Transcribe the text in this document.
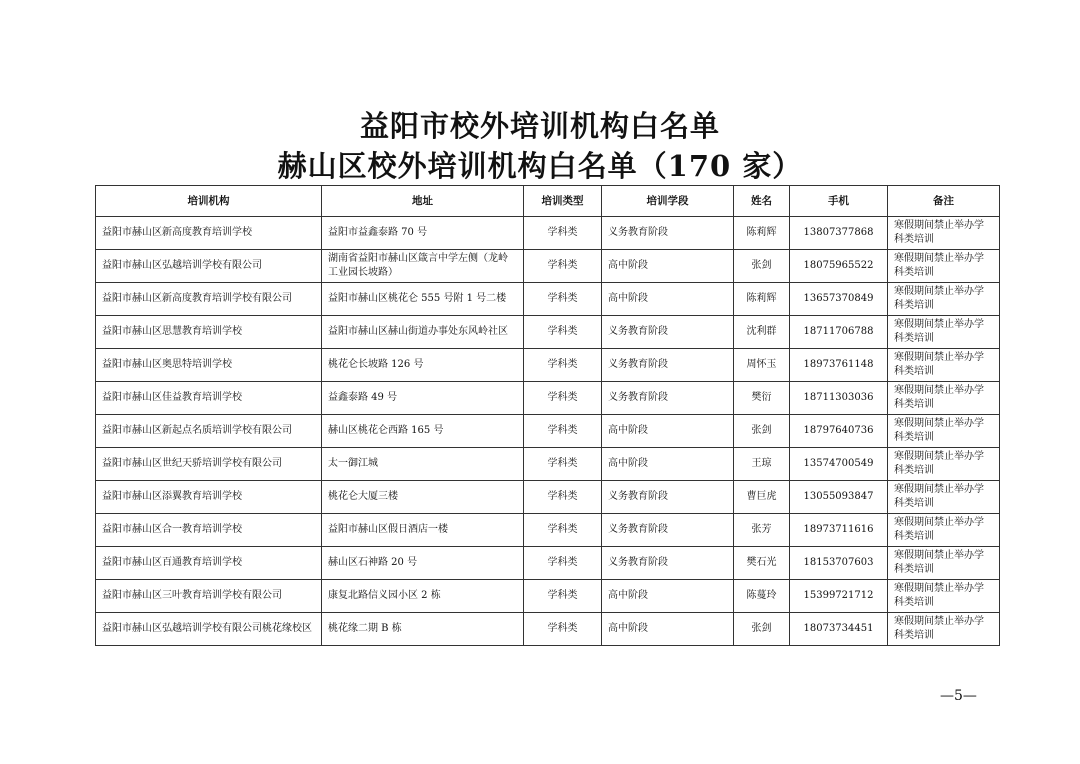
益阳市校外培训机构白名单
赫山区校外培训机构白名单（170 家）
培训机构	地址	培训类型	培训学段	姓名	手机	备注
益阳市赫山区新高度教育培训学校	益阳市益鑫泰路 70 号	学科类	义务教育阶段	陈莉辉	13807377868	寒假期间禁止举办学科类培训
益阳市赫山区弘越培训学校有限公司	湖南省益阳市赫山区箴言中学左侧（龙岭工业园长坡路）	学科类	高中阶段	张剑	18075965522	寒假期间禁止举办学科类培训
益阳市赫山区新高度教育培训学校有限公司	益阳市赫山区桃花仑 555 号附 1 号二楼	学科类	高中阶段	陈莉辉	13657370849	寒假期间禁止举办学科类培训
益阳市赫山区思慧教育培训学校	益阳市赫山区赫山街道办事处东风岭社区	学科类	义务教育阶段	沈利群	18711706788	寒假期间禁止举办学科类培训
益阳市赫山区奥思特培训学校	桃花仑长坡路 126 号	学科类	义务教育阶段	周怀玉	18973761148	寒假期间禁止举办学科类培训
益阳市赫山区佳益教育培训学校	益鑫泰路 49 号	学科类	义务教育阶段	樊衍	18711303036	寒假期间禁止举办学科类培训
益阳市赫山区新起点名质培训学校有限公司	赫山区桃花仑西路 165 号	学科类	高中阶段	张剑	18797640736	寒假期间禁止举办学科类培训
益阳市赫山区世纪天骄培训学校有限公司	太一御江城	学科类	高中阶段	王琼	13574700549	寒假期间禁止举办学科类培训
益阳市赫山区添翼教育培训学校	桃花仑大厦三楼	学科类	义务教育阶段	曹巨虎	13055093847	寒假期间禁止举办学科类培训
益阳市赫山区合一教育培训学校	益阳市赫山区假日酒店一楼	学科类	义务教育阶段	张芳	18973711616	寒假期间禁止举办学科类培训
益阳市赫山区百通教育培训学校	赫山区石神路 20 号	学科类	义务教育阶段	樊石光	18153707603	寒假期间禁止举办学科类培训
益阳市赫山区三叶教育培训学校有限公司	康复北路信义园小区 2 栋	学科类	高中阶段	陈蔓玲	15399721712	寒假期间禁止举办学科类培训
益阳市赫山区弘越培训学校有限公司桃花缘校区	桃花缘二期 B 栋	学科类	高中阶段	张剑	18073734451	寒假期间禁止举办学科类培训
—5—
